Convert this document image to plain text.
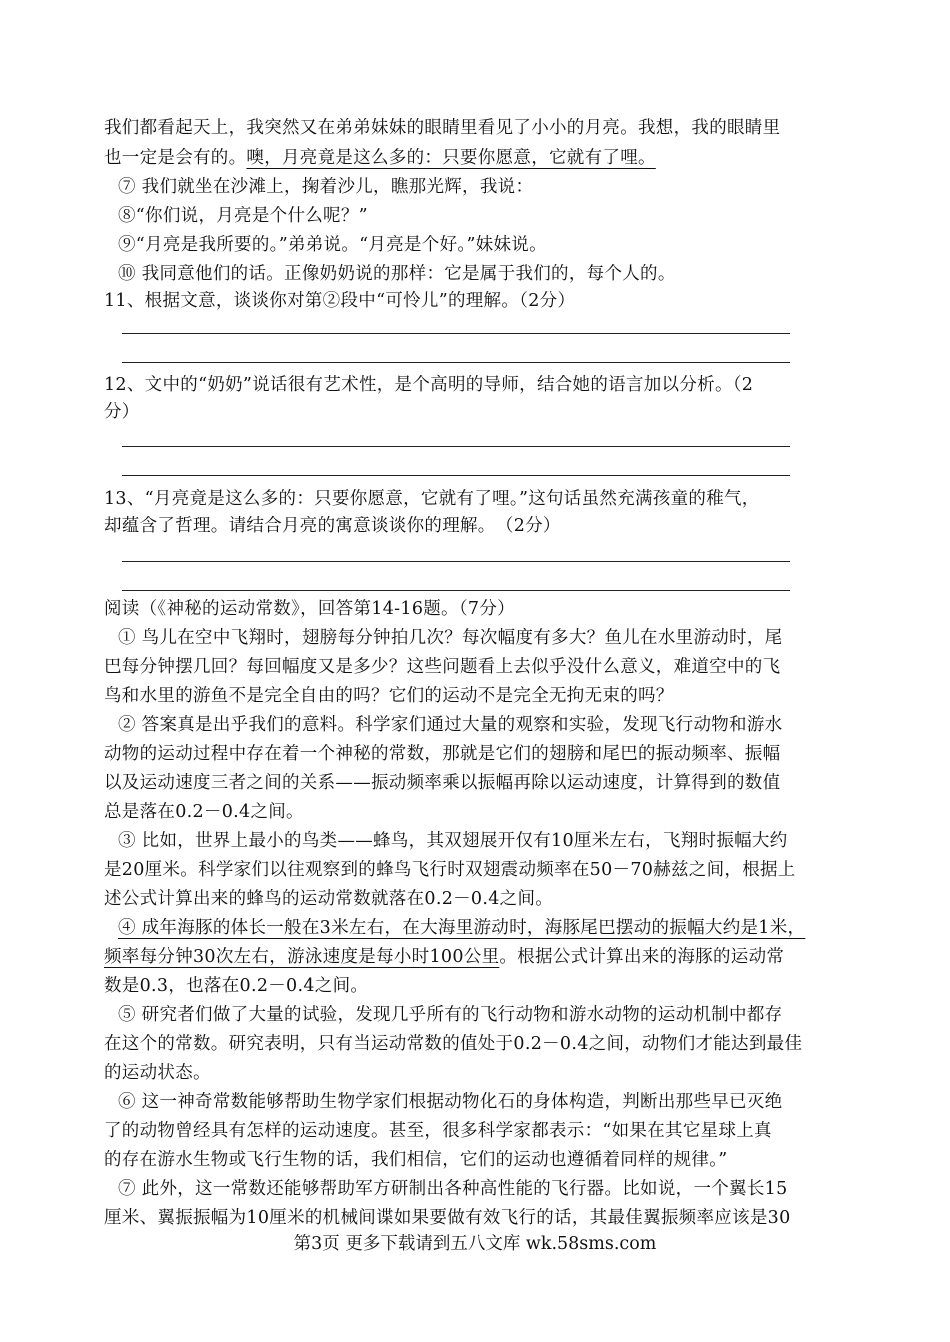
我们都看起天上，我突然又在弟弟妹妹的眼睛里看见了小小的月亮。我想，我的眼睛里
也一定是会有的。噢，月亮竟是这么多的：只要你愿意，它就有了哩。
⑦ 我们就坐在沙滩上，掬着沙儿，瞧那光辉，我说：
⑧“你们说，月亮是个什么呢？”
⑨“月亮是我所要的。”弟弟说。“月亮是个好。”妹妹说。
⑩ 我同意他们的话。正像奶奶说的那样：它是属于我们的，每个人的。
11、根据文意，谈谈你对第②段中“可怜儿”的理解。（2分）
12、文中的“奶奶”说话很有艺术性，是个高明的导师，结合她的语言加以分析。（2
分）
13、“月亮竟是这么多的：只要你愿意，它就有了哩。”这句话虽然充满孩童的稚气，
却蕴含了哲理。请结合月亮的寓意谈谈你的理解。　（2分）
阅读（《神秘的运动常数》，回答第14-16题。（7分）
① 鸟儿在空中飞翔时，翅膀每分钟拍几次？每次幅度有多大？鱼儿在水里游动时，尾
巴每分钟摆几回？每回幅度又是多少？这些问题看上去似乎没什么意义，难道空中的飞
鸟和水里的游鱼不是完全自由的吗？它们的运动不是完全无拘无束的吗？
② 答案真是出乎我们的意料。科学家们通过大量的观察和实验，发现飞行动物和游水
动物的运动过程中存在着一个神秘的常数，那就是它们的翅膀和尾巴的振动频率、振幅
以及运动速度三者之间的关系——振动频率乘以振幅再除以运动速度，计算得到的数值
总是落在0.2－0.4之间。
③ 比如，世界上最小的鸟类——蜂鸟，其双翅展开仅有10厘米左右，飞翔时振幅大约
是20厘米。科学家们以往观察到的蜂鸟飞行时双翅震动频率在50－70赫兹之间，根据上
述公式计算出来的蜂鸟的运动常数就落在0.2－0.4之间。
④ 成年海豚的体长一般在3米左右，在大海里游动时，海豚尾巴摆动的振幅大约是1米，
频率每分钟30次左右，游泳速度是每小时100公里。根据公式计算出来的海豚的运动常
数是0.3，也落在0.2－0.4之间。
⑤ 研究者们做了大量的试验，发现几乎所有的飞行动物和游水动物的运动机制中都存
在这个的常数。研究表明，只有当运动常数的值处于0.2－0.4之间，动物们才能达到最佳
的运动状态。
⑥ 这一神奇常数能够帮助生物学家们根据动物化石的身体构造，判断出那些早已灭绝
了的动物曾经具有怎样的运动速度。甚至，很多科学家都表示：“如果在其它星球上真
的存在游水生物或飞行生物的话，我们相信，它们的运动也遵循着同样的规律。”
⑦ 此外，这一常数还能够帮助军方研制出各种高性能的飞行器。比如说，一个翼长15
厘米、翼振振幅为10厘米的机械间谍如果要做有效飞行的话，其最佳翼振频率应该是30
第3页 更多下载请到五八文库 wk.58sms.com
